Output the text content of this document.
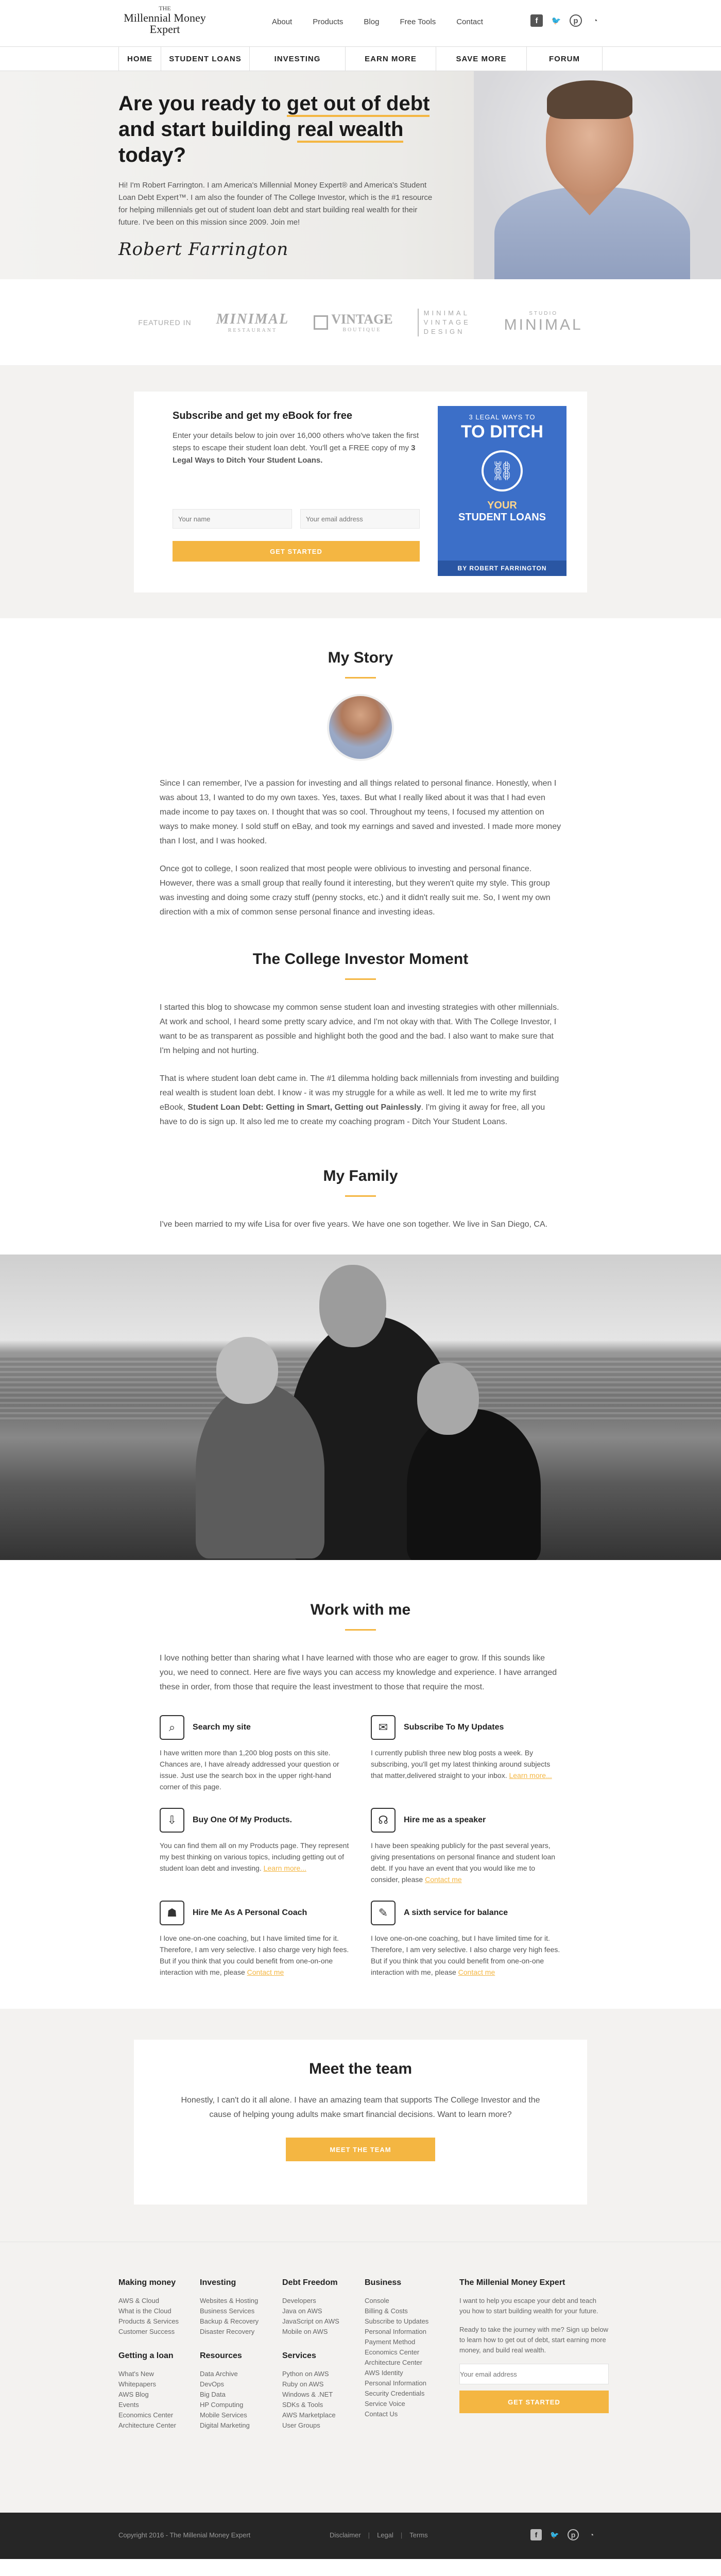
THE
Millennial Money
Expert
About	Products	Blog	Free Tools	Contact	f	🐦	p	◔
HOME	STUDENT LOANS	INVESTING	EARN MORE	SAVE MORE	FORUM
Are you ready to get out of debt
and start building real wealth today?

Hi! I'm Robert Farrington. I am America's Millennial Money Expert® and America's Student Loan Debt Expert™. I am also the founder of The College Investor, which is the #1 resource for helping millennials get out of student loan debt and start building real wealth for their future. I've been on this mission since 2009. Join me!

Robert Farrington
FEATURED IN MINIMAL
RESTAURANT
VINTAGE
BOUTIQUE
MINIMAL VINTAGE DESIGN
STUDIO
MINIMAL
Subscribe and get my eBook for free

Enter your details below to join over 16,000 others who've taken the first steps to escape their student loan debt. You'll get a FREE copy of my 3 Legal Ways to Ditch Your Student Loans.

Your name
Your email address
GET STARTED
3 LEGAL WAYS TO
TO DITCH
⛓
YOUR
STUDENT LOANS
BY ROBERT FARRINGTON
My Story

Since I can remember, I've a passion for investing and all things related to personal finance. Honestly, when I was about 13, I wanted to do my own taxes. Yes, taxes. But what I really liked about it was that I had even made income to pay taxes on. I thought that was so cool. Throughout my teens, I focused my attention on ways to make money. I sold stuff on eBay, and took my earnings and saved and invested. I made more money than I lost, and I was hooked.

Once got to college, I soon realized that most people were oblivious to investing and personal finance. However, there was a small group that really found it interesting, but they weren't quite my style. This group was investing and doing some crazy stuff (penny stocks, etc.) and it didn't really suit me. So, I went my own direction with a mix of common sense personal finance and investing ideas.

The College Investor Moment

I started this blog to showcase my common sense student loan and investing strategies with other millennials. At work and school, I heard some pretty scary advice, and I'm not okay with that. With The College Investor, I want to be as transparent as possible and highlight both the good and the bad. I also want to make sure that I'm helping and not hurting.

That is where student loan debt came in. The #1 dilemma holding back millennials from investing and building real wealth is student loan debt. I know - it was my struggle for a while as well. It led me to write my first eBook, Student Loan Debt: Getting in Smart, Getting out Painlessly. I'm giving it away for free, all you have to do is sign up. It also led me to create my coaching program - Ditch Your Student Loans.

My Family

I've been married to my wife Lisa for over five years. We have one son together. We live in San Diego, CA.

Work with me

I love nothing better than sharing what I have learned with those who are eager to grow. If this sounds like you, we need to connect. Here are five ways you can access my knowledge and experience. I have arranged these in order, from those that require the least investment to those that require the most.

⌕	Search my site

I have written more than 1,200 blog posts on this site. Chances are, I have already addressed your question or issue. Just use the search box in the upper right-hand corner of this page.

✉	Subscribe To My Updates

I currently publish three new blog posts a week. By subscribing, you'll get my latest thinking around subjects that matter,delivered straight to your inbox. Learn more...

⇩	Buy One Of My Products.

You can find them all on my Products page. They represent my best thinking on various topics, including getting out of student loan debt and investing. Learn more...

☊	Hire me as a speaker

I have been speaking publicly for the past several years, giving presentations on personal finance and student loan debt. If you have an event that you would like me to consider, please Contact me

☗	Hire Me As A Personal Coach

I love one-on-one coaching, but I have limited time for it. Therefore, I am very selective. I also charge very high fees. But if you think that you could benefit from one-on-one interaction with me, please Contact me

✎	A sixth service for balance

I love one-on-one coaching, but I have limited time for it. Therefore, I am very selective. I also charge very high fees. But if you think that you could benefit from one-on-one interaction with me, please Contact me

Meet the team

Honestly, I can't do it all alone. I have an amazing team that supports The College Investor and the cause of helping young adults make smart financial decisions. Want to learn more?

MEET THE TEAM
Making money
AWS & Cloud
What is the Cloud
Products & Services
Customer Success
Getting a loan
What's New
Whitepapers
AWS Blog
Events
Economics Center
Architecture Center
Investing
Websites & Hosting
Business Services
Backup & Recovery
Disaster Recovery
Resources
Data Archive
DevOps
Big Data
HP Computing
Mobile Services
Digital Marketing
Debt Freedom
Developers
Java on AWS
JavaScript on AWS
Mobile on AWS
Services
Python on AWS
Ruby on AWS
Windows & .NET
SDKs & Tools
AWS Marketplace
User Groups
Business
Console
Billing & Costs
Subscribe to Updates
Personal Information
Payment Method
Economics Center
Architecture Center
AWS Identity
Personal Information
Security Credentials
Service Voice
Contact Us
The Millenial Money Expert

I want to help you escape your debt and teach you how to start building wealth for your future.

Ready to take the journey with me? Sign up below to learn how to get out of debt, start earning more money, and build real wealth.

Your email address
GET STARTED
Copyright 2016 - The Millenial Money Expert	Disclaimer | Legal | Terms	f	🐦	p	◔
